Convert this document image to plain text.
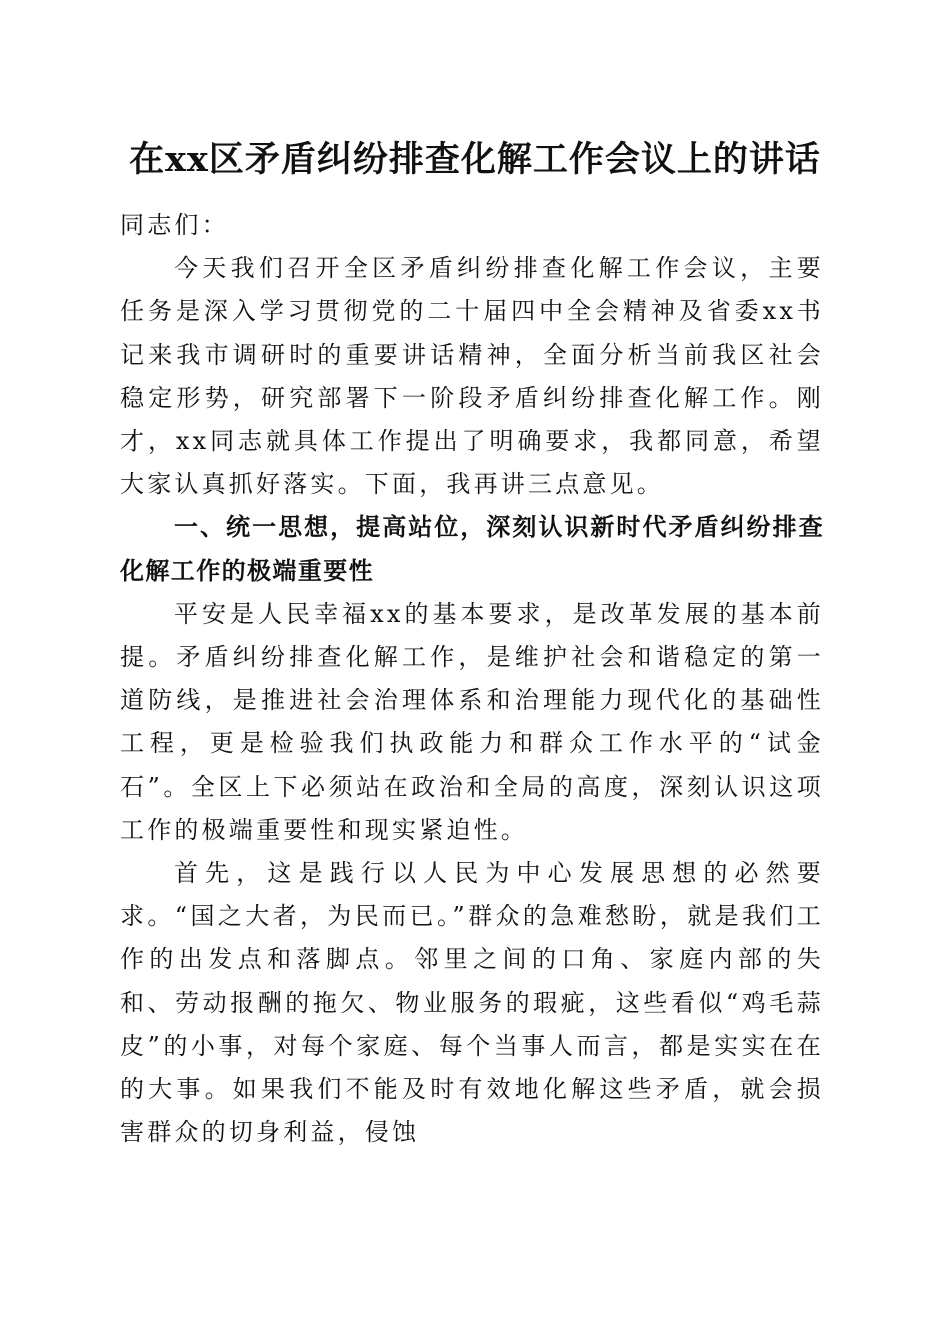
在xx区矛盾纠纷排查化解工作会议上的讲话

同志们：

今天我们召开全区矛盾纠纷排查化解工作会议，主要任务是深入学习贯彻党的二十届四中全会精神及省委xx书记来我市调研时的重要讲话精神，全面分析当前我区社会稳定形势，研究部署下一阶段矛盾纠纷排查化解工作。刚才，xx同志就具体工作提出了明确要求，我都同意，希望大家认真抓好落实。下面，我再讲三点意见。

一、统一思想，提高站位，深刻认识新时代矛盾纠纷排查化解工作的极端重要性

平安是人民幸福xx的基本要求，是改革发展的基本前提。矛盾纠纷排查化解工作，是维护社会和谐稳定的第一道防线，是推进社会治理体系和治理能力现代化的基础性工程，更是检验我们执政能力和群众工作水平的“试金石”。全区上下必须站在政治和全局的高度，深刻认识这项工作的极端重要性和现实紧迫性。

首先，这是践行以人民为中心发展思想的必然要求。“国之大者，为民而已。”群众的急难愁盼，就是我们工作的出发点和落脚点。邻里之间的口角、家庭内部的失和、劳动报酬的拖欠、物业服务的瑕疵，这些看似“鸡毛蒜皮”的小事，对每个家庭、每个当事人而言，都是实实在在的大事。如果我们不能及时有效地化解这些矛盾，就会损害群众的切身利益，侵蚀
